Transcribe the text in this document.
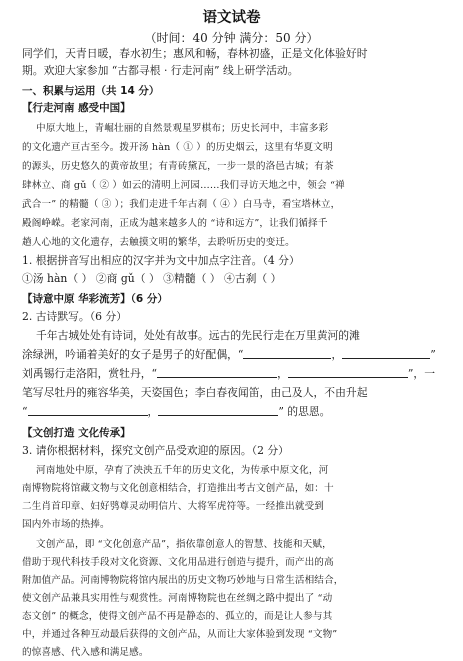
语文试卷
（时间：40 分钟 满分：50 分）
同学们，天青日暖，春水初生；惠风和畅，春林初盛，正是文化体验好时
期。欢迎大家参加 “古都寻根 · 行走河南” 线上研学活动。
一、积累与运用（共 14 分）
【行走河南 感受中国】
中原大地上，青崛壮丽的自然景观星罗棋布；历史长河中，丰富多彩
的文化遗产亘古至今。拨开汤 hàn（ ① ）的历史烟云，这里有华夏文明
的源头，历史悠久的黄帝故里；有青砖黛瓦，一步一景的洛邑古城；有茶
肆林立、商 gǔ（ ② ）如云的清明上河园……我们寻访天地之中，领会 “禅
武合一” 的精髓（ ③ ）；我们走进千年古刹（ ④ ）白马寺，看宝塔林立，
殿阁峥嵘。老家河南，正成为越来越多人的 “诗和远方”，让我们循择千
趟人心地的文化遗存，去触摸文明的繁华，去聆听历史的变迁。
1. 根据拼音写出相应的汉字并为文中加点字注音。（4 分）
①汤 hàn（ ） ②商 gǔ（ ） ③精髓（ ） ④古刹（ ）
【诗意中原 华彩流芳】（6 分）
2. 古诗默写。（6 分）
千年古城处处有诗词，处处有故事。远古的先民行走在万里黄河的滩
涂绿洲，吟诵着美好的女子是男子的好配偶，“	，	”
刘禹锡行走洛阳，赏牡丹，“	，	”，一
笔写尽牡丹的雍容华美，天姿国色；李白春夜闻笛，由己及人，不由升起
“	，	” 的思恩。
【文创打造 文化传承】
3. 请你根据材料，探究文创产品受欢迎的原因。（2 分）
河南地处中原，孕育了泱泱五千年的历史文化，为传承中原文化，河
南博物院将馆藏文物与文化创意相结合，打造推出考古文创产品，如：十
二生肖首印章、妇好鸮尊灵动明信片、大将军虎符等。一经推出就受到
国内外市场的热捧。
文创产品，即 “文化创意产品”，指依靠创意人的智慧、技能和天赋，
借助于现代科技手段对文化资源、文化用品进行创造与提升，而产出的高
附加值产品。河南博物院将馆内展出的历史文物巧妙地与日常生活相结合，
使文创产品兼具实用性与观赏性。河南博物院也在丝绸之路中提出了 “动
态文创” 的概念，使得文创产品不再是静态的、孤立的，而是让人参与其
中，并通过各种互动最后获得的文创产品，从而让大家体验到发现 “文物”
的惊喜感、代入感和满足感。
